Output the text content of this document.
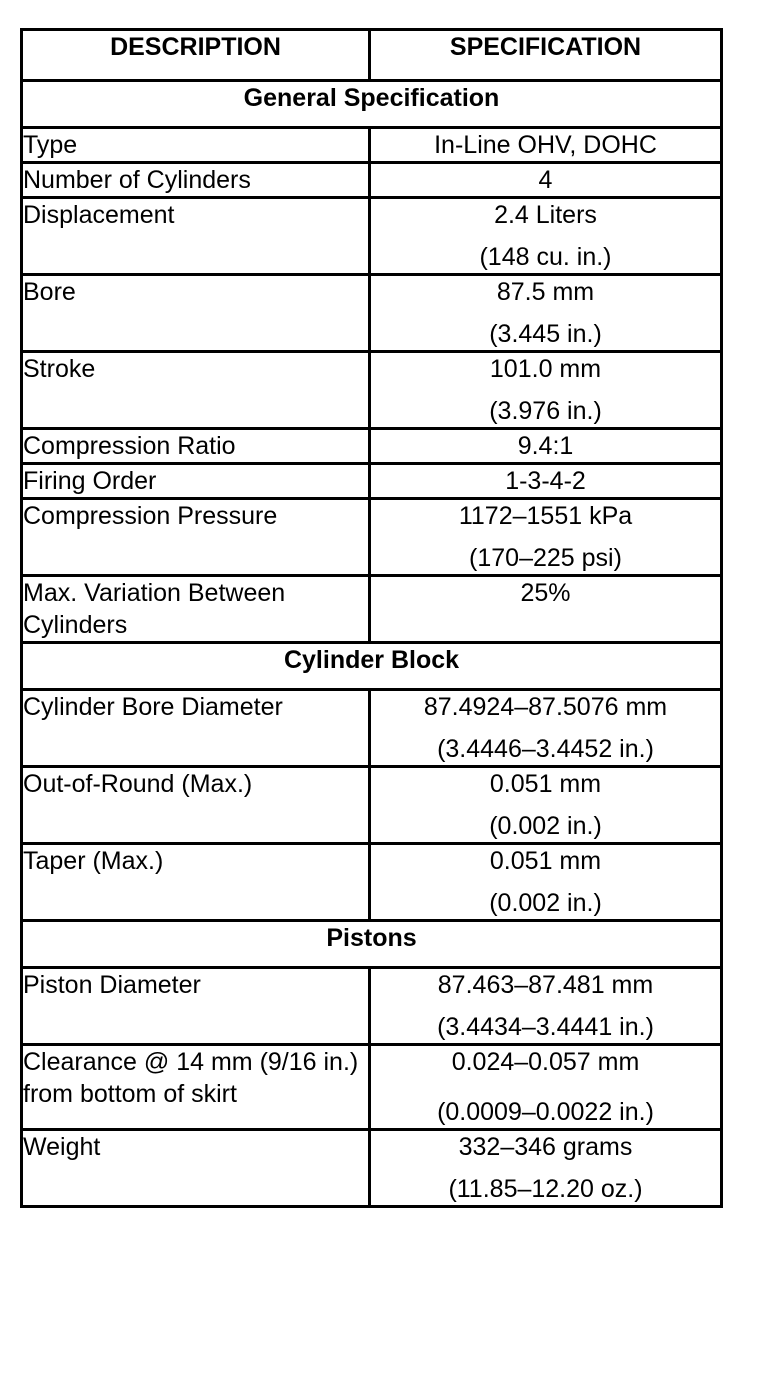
DESCRIPTION	SPECIFICATION
General Specification	
Type	In-Line OHV, DOHC
Number of Cylinders	4
Displacement	2.4 Liters
(148 cu. in.)

Bore	87.5 mm
(3.445 in.)

Stroke	101.0 mm
(3.976 in.)

Compression Ratio	9.4:1
Firing Order	1-3-4-2
Compression Pressure	1172–1551 kPa
(170–225 psi)

Max. Variation Between Cylinders	25%
Cylinder Block	
Cylinder Bore Diameter	87.4924–87.5076 mm
(3.4446–3.4452 in.)

Out-of-Round (Max.)	0.051 mm
(0.002 in.)

Taper (Max.)	0.051 mm
(0.002 in.)

Pistons	
Piston Diameter	87.463–87.481 mm
(3.4434–3.4441 in.)

Clearance @ 14 mm (9/16 in.) from bottom of skirt	0.024–0.057 mm
(0.0009–0.0022 in.)

Weight	332–346 grams
(11.85–12.20 oz.)
